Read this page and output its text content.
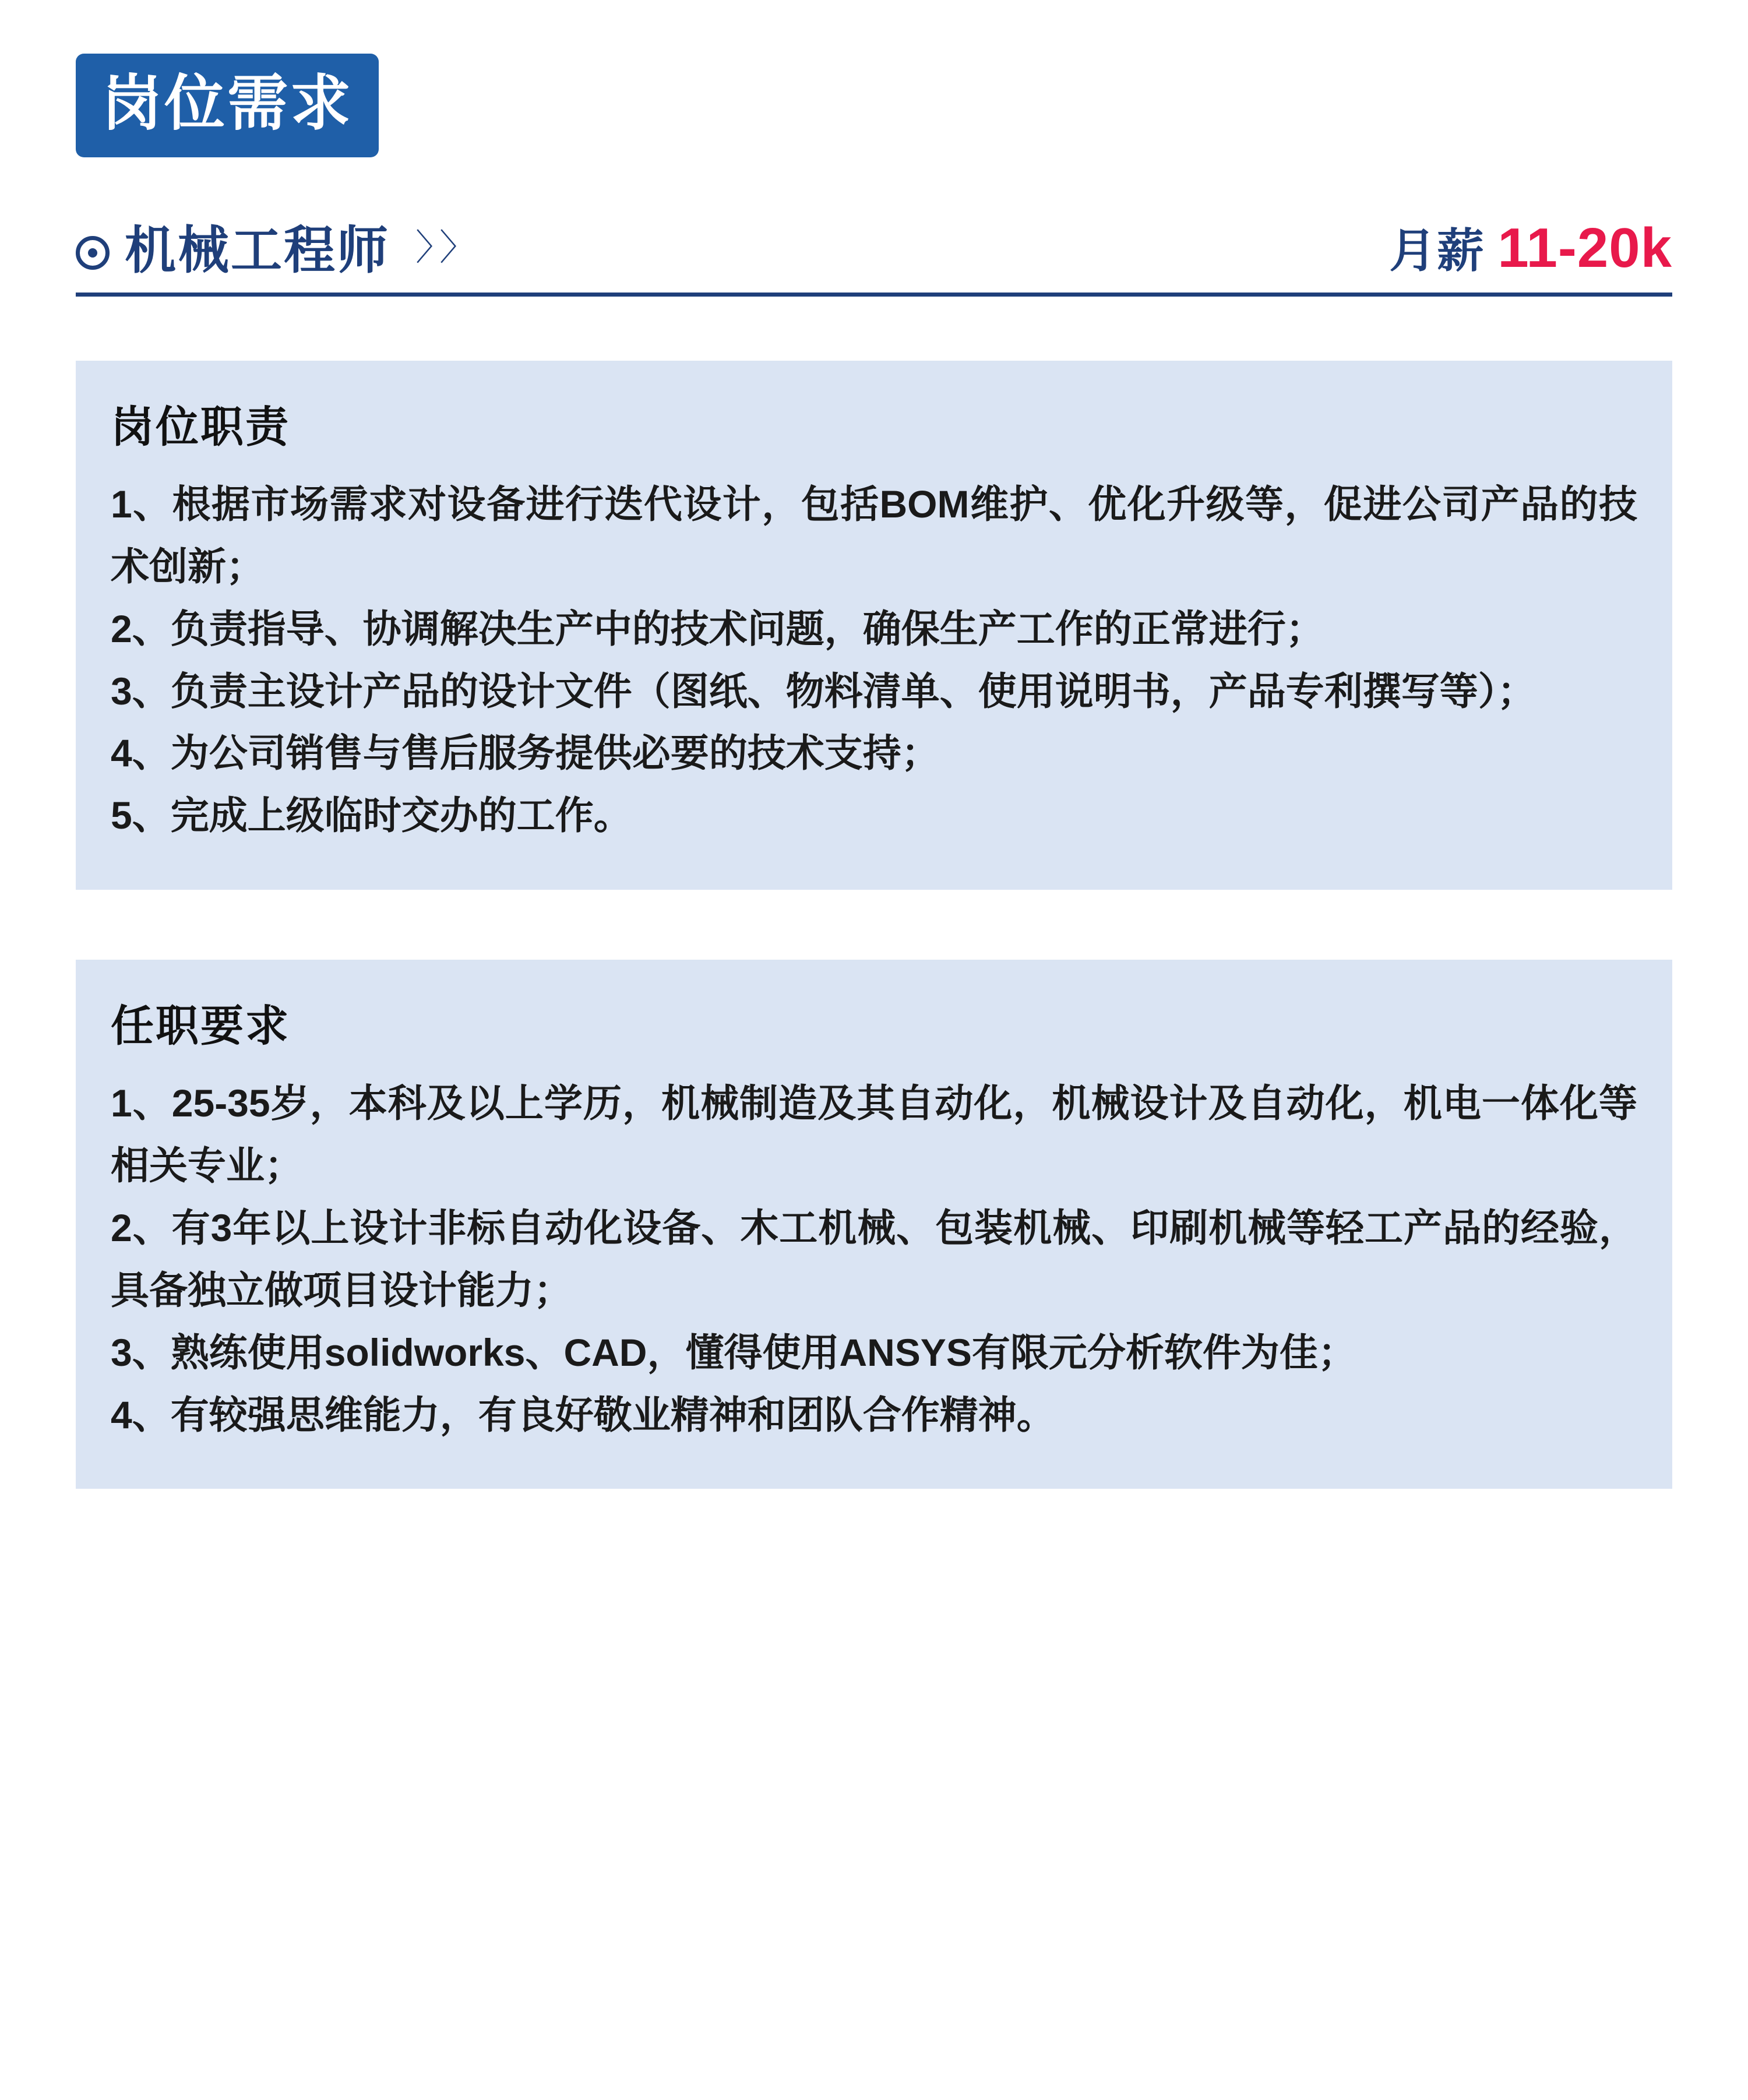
岗位需求
机械工程师 〉〉	月薪 11-20k
岗位职责

1、根据市场需求对设备进行迭代设计，包括BOM维护、优化升级等，促进公司产品的技术创新；

2、负责指导、协调解决生产中的技术问题，确保生产工作的正常进行；

3、负责主设计产品的设计文件（图纸、物料清单、使用说明书，产品专利撰写等）；

4、为公司销售与售后服务提供必要的技术支持；

5、完成上级临时交办的工作。

任职要求

1、25-35岁，本科及以上学历，机械制造及其自动化，机械设计及自动化，机电一体化等相关专业；

2、有3年以上设计非标自动化设备、木工机械、包装机械、印刷机械等轻工产品的经验，具备独立做项目设计能力；

3、熟练使用solidworks、CAD，懂得使用ANSYS有限元分析软件为佳；

4、有较强思维能力，有良好敬业精神和团队合作精神。
